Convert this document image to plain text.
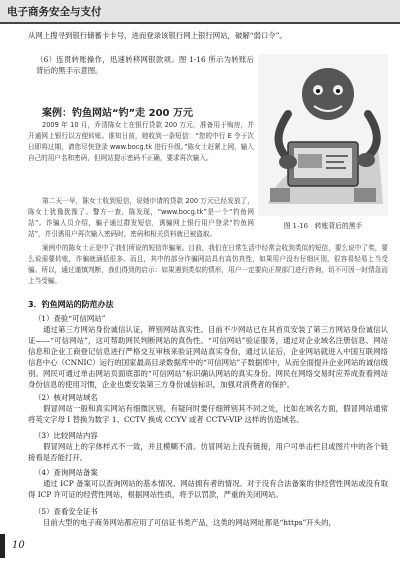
电子商务安全与支付

从网上搜寻到银行储蓄卡卡号，进而登录该银行网上银行网站，破解“弱口令”。

（6）连贯转账操作，迅速转移网银款项。图 1-16 所示为转账后背后的黑手示意图。

案例：钓鱼网站“钓”走 200 万元

2009 年 10 月，乔清陈女士在银行贷款 200 万元，准备用于购房，并开通网上银行以方便转账。谁知日前，她收到一条短信：“您的中行 E 令于次日即将过期，请您尽快登录 www.bocg.tk 进行升级。”陈女士赶紧上网，输入自己的用户名和密码，但网站提示密码不正确，要求再次输入。

第二天一早，陈女士收到短信，说她申请的贷款 200 万元已经发放了，陈女士犹豫犹豫了。警方一查，陈发现，“www.bocg.tk”是一个“钓鱼网站”。诈骗人员介绍，骗子通过群发短信，诱骗网上银行用户登录“钓鱼网站”，并引诱用户再次输入密码时，密码和相关资料就已被盗取。

案例中的陈女士正是中了我们所说的短信诈骗案。目前，我们在日常生活中经常会收到类似的短信，要么说中了奖，要么说需要转账，诈骗就涵括很多。而且，其中的部分诈骗网站具有高仿真性，如果用户没有仔细区别，很容易轻易上当受骗。所以，通过谨慎判断，我们得到的启示：如果遇到类似的情形，用户一定要向正规部门进行咨询，切不可因一时情急而上当受骗。

图 1-16　转账背后的黑手
3．钓鱼网站的防范办法
（1）查验“可信网站”

通过第三方网站身份诚信认证，辨别网站真实性。目前不少网站已在其首页安装了第三方网站身份诚信认证——“可信网站”，这可帮助网民判断网站的真伪性。“可信网站”验证服务，通过对企业域名注册信息、网站信息和企业工商登记信息进行严格交互审核来验证网站真实身份，通过认证后，企业网站就进入中国互联网络信息中心（CNNIC）运行的国家最高目录数据库中的“可信网站”子数据库中，从而全面提升企业网站的诚信级别。网民可通过单击网站页面底部的“可信网站”标识确认网站的真实身份。网民在网络交易时应养成查看网站身份信息的使用习惯，企业也要安装第三方身份诚信标识，加强对消费者的保护。

（2）核对网站域名

假冒网站一般和真实网站有细微区别，有疑问时要仔细辨别其不同之处，比如在域名方面，假冒网站通常将英文字母 I 替换为数字 1、CCTV 换成 CCYV 或者 CCTV-VIP 这样的仿造域名。

（3）比较网站内容

假冒网站上的字体样式不一致，并且模糊不清。仿冒网站上没有链接，用户可单击栏目或图片中的各个链接看是否能打开。

（4）查询网站备案

通过 ICP 备案可以查询网站的基本情况、网站拥有者的情况。对于没有合法备案的非经营性网站或没有取得 ICP 许可证的经营性网站，根据网站性质，将予以罚款，严重的关闭网站。

（5）查看安全证书

目前大型的电子商务网站都应用了可信证书类产品，这类的网站网址都是“https”开头的，

10
